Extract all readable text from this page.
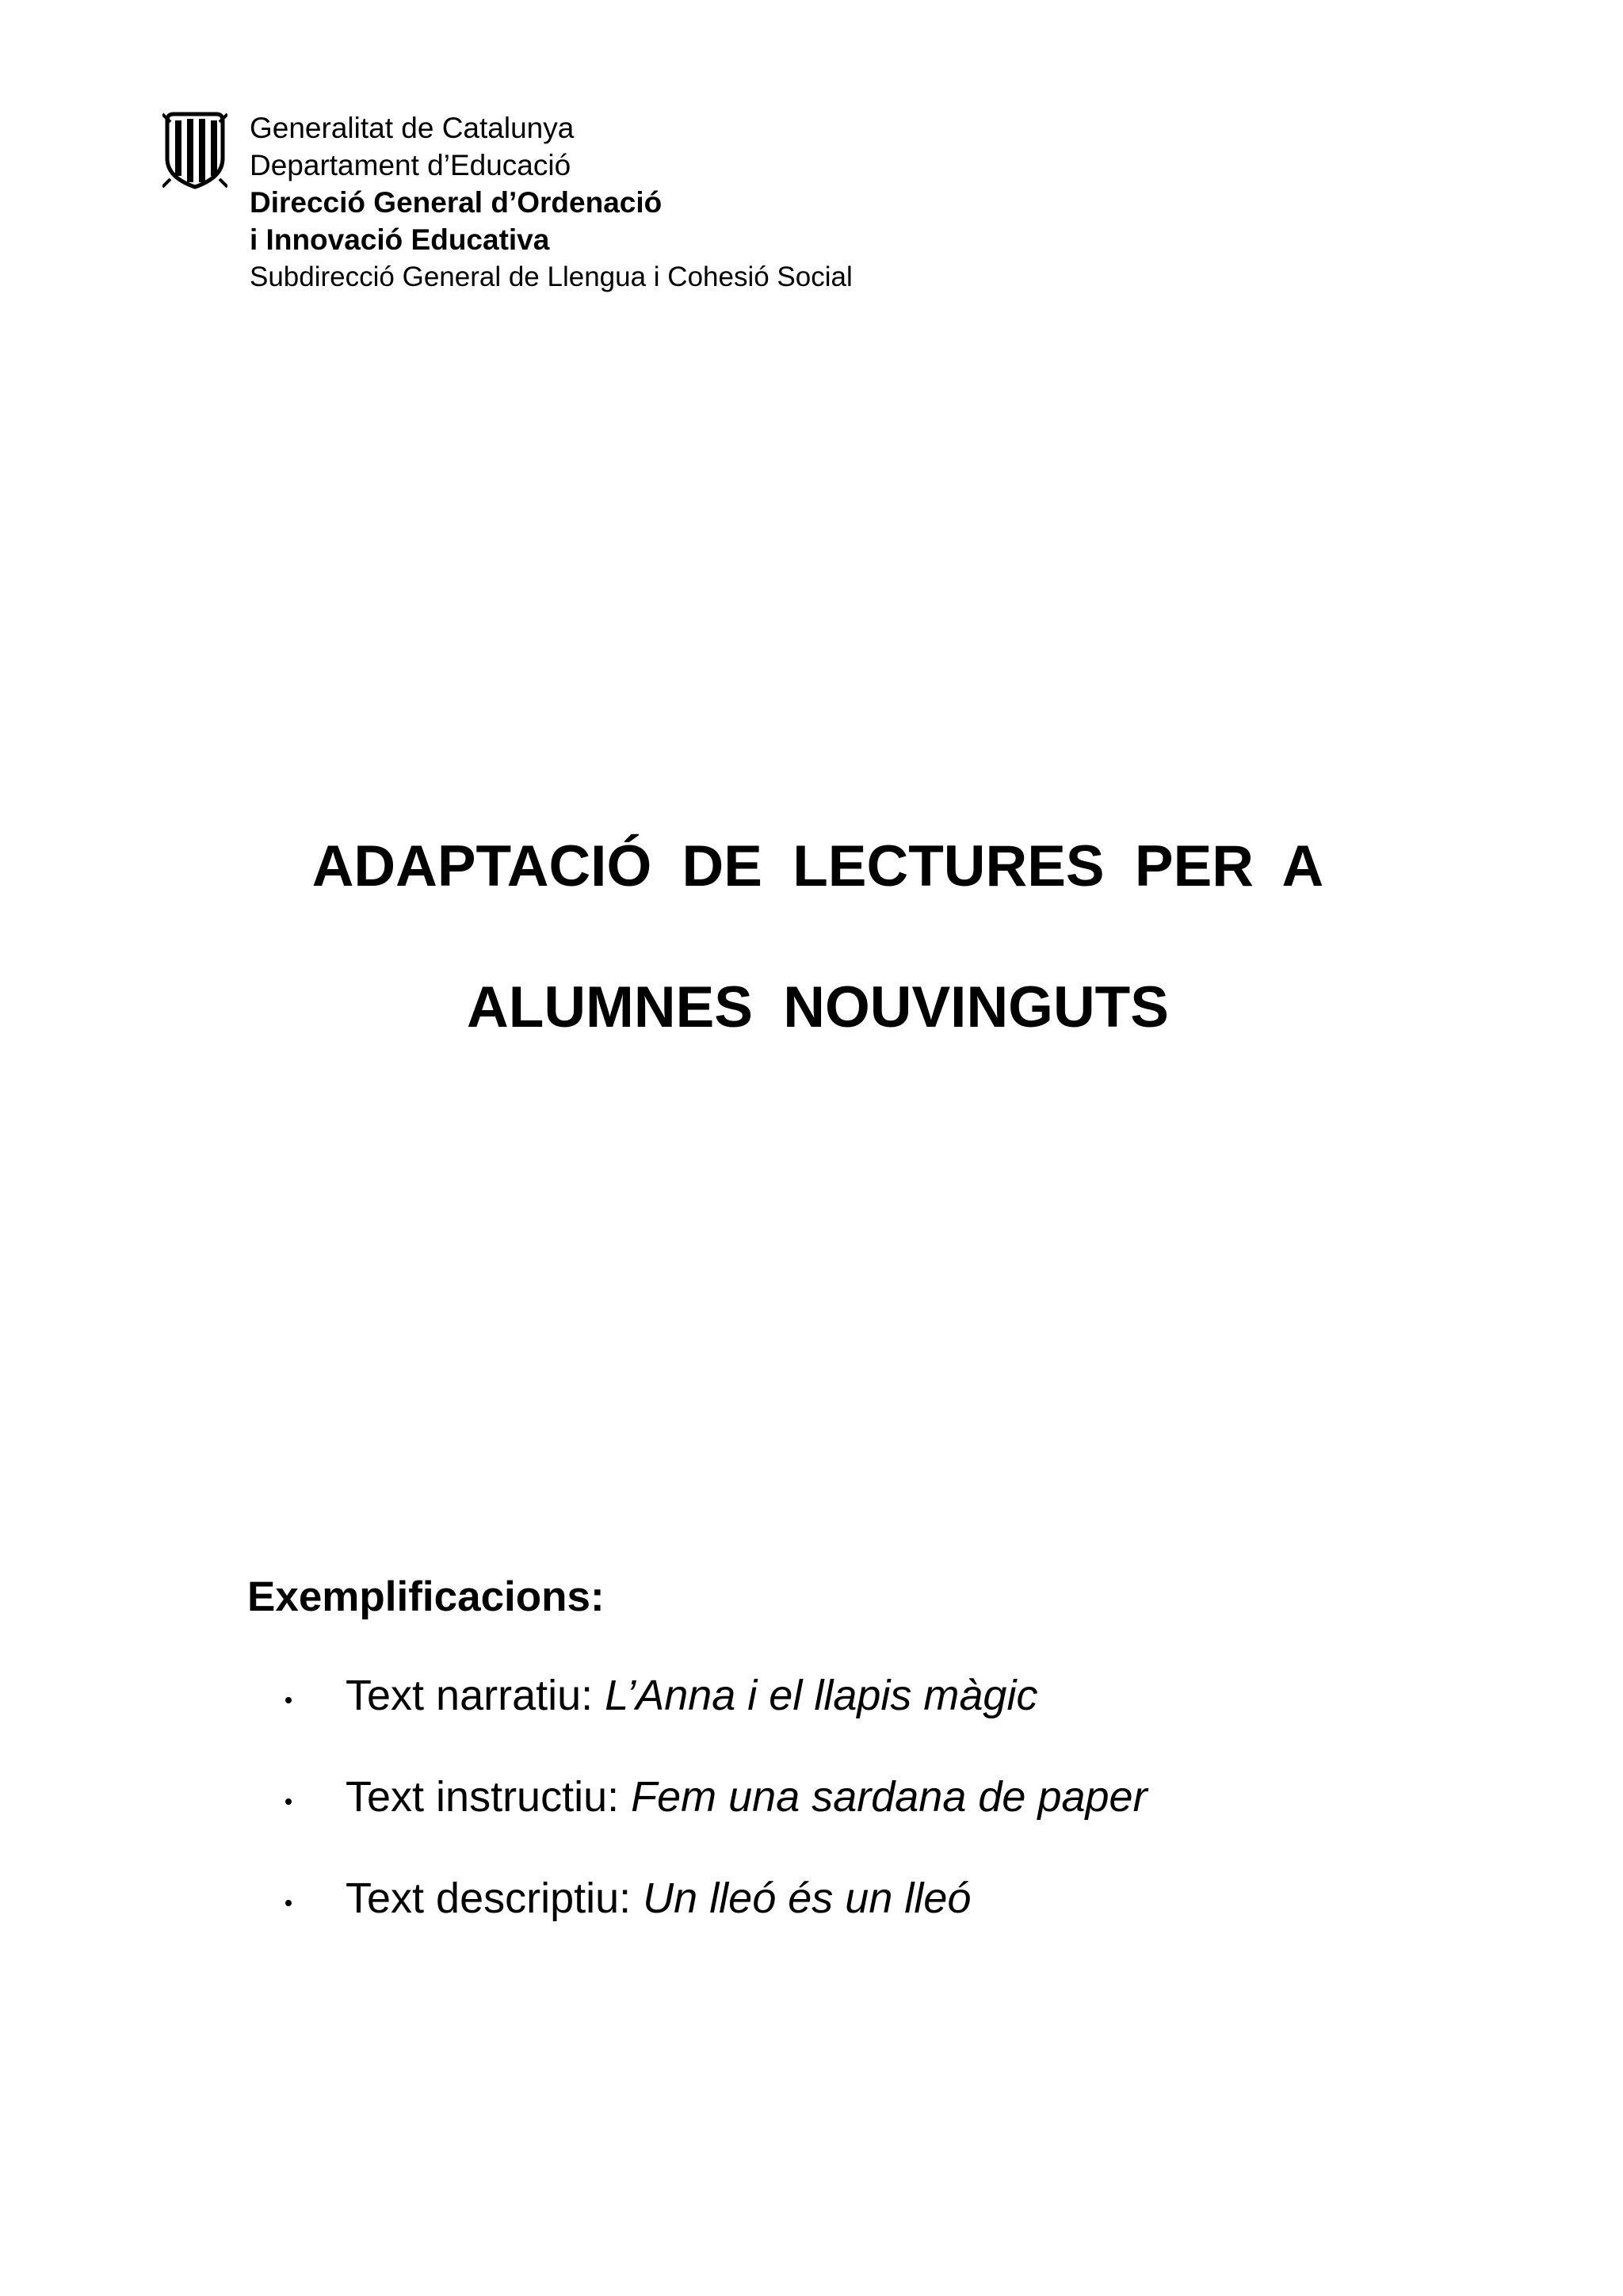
Generalitat de Catalunya
Departament d’Educació
Direcció General d’Ordenació
i Innovació Educativa
Subdirecció General de Llengua i Cohesió Social
ADAPTACIÓ DE LECTURES PER A
ALUMNES NOUVINGUTS
Exemplificacions:
Text narratiu: L’Anna i el llapis màgic
Text instructiu: Fem una sardana de paper
Text descriptiu: Un lleó és un lleó
